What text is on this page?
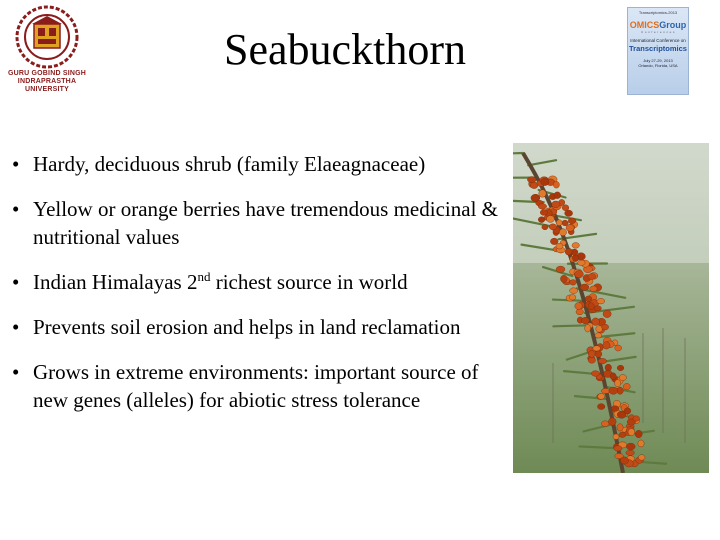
GURU GOBIND SINGH
INDRAPRASTHA
UNIVERSITY
Seabuckthorn
Transcriptomics-2013
OMICSGroup
C o n f e r e n c e s
International Conference on
Transcriptomics
July 27-29, 2013
Orlando, Florida, USA
• Hardy, deciduous shrub (family Elaeagnaceae)
• Yellow or orange berries have tremendous medicinal & nutritional values
• Indian Himalayas 2nd richest source in world
• Prevents soil erosion and helps in land reclamation
• Grows in extreme environments: important source of new genes (alleles) for abiotic stress tolerance
